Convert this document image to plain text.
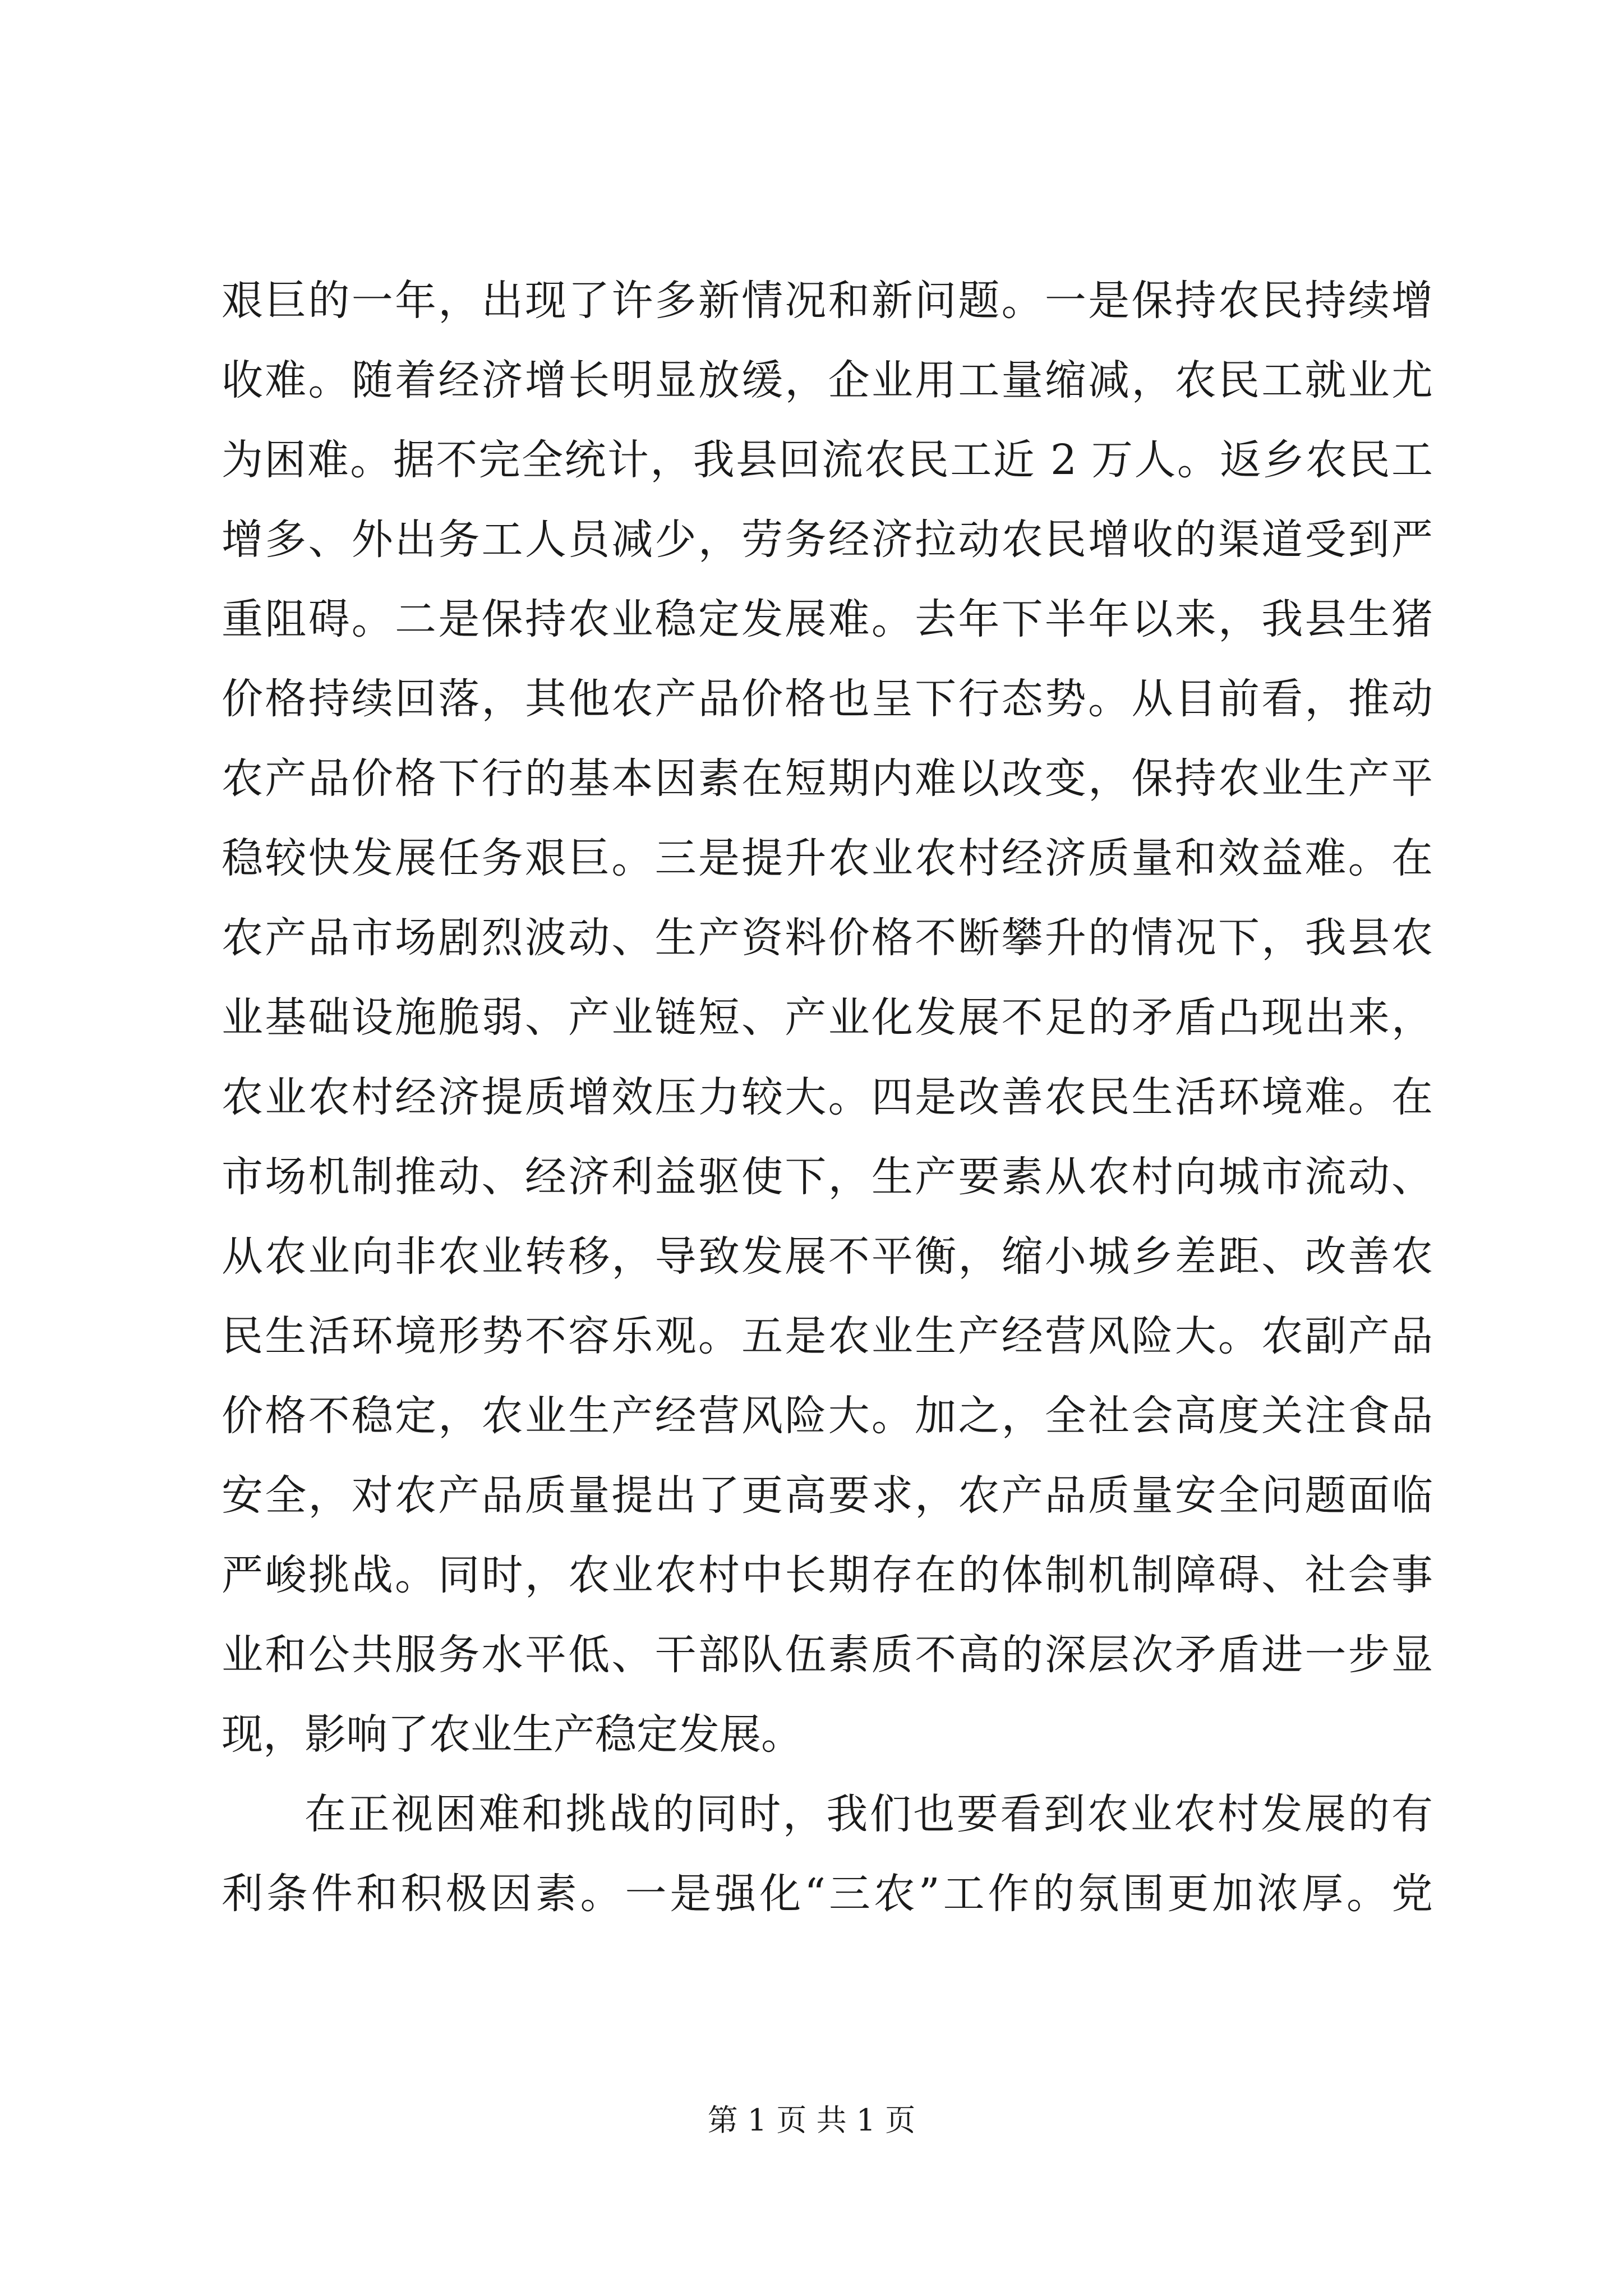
艰巨的一年，出现了许多新情况和新问题。一是保持农民持续增
收难。随着经济增长明显放缓，企业用工量缩减，农民工就业尤
为困难。据不完全统计，我县回流农民工近 2 万人。返乡农民工
增多、外出务工人员减少，劳务经济拉动农民增收的渠道受到严
重阻碍。二是保持农业稳定发展难。去年下半年以来，我县生猪
价格持续回落，其他农产品价格也呈下行态势。从目前看，推动
农产品价格下行的基本因素在短期内难以改变，保持农业生产平
稳较快发展任务艰巨。三是提升农业农村经济质量和效益难。在
农产品市场剧烈波动、生产资料价格不断攀升的情况下，我县农
业基础设施脆弱、产业链短、产业化发展不足的矛盾凸现出来，
农业农村经济提质增效压力较大。四是改善农民生活环境难。在
市场机制推动、经济利益驱使下，生产要素从农村向城市流动、
从农业向非农业转移，导致发展不平衡，缩小城乡差距、改善农
民生活环境形势不容乐观。五是农业生产经营风险大。农副产品
价格不稳定，农业生产经营风险大。加之，全社会高度关注食品
安全，对农产品质量提出了更高要求，农产品质量安全问题面临
严峻挑战。同时，农业农村中长期存在的体制机制障碍、社会事
业和公共服务水平低、干部队伍素质不高的深层次矛盾进一步显
现，影响了农业生产稳定发展。
在正视困难和挑战的同时，我们也要看到农业农村发展的有
利条件和积极因素。一是强化“三农”工作的氛围更加浓厚。党
第 1 页 共 1 页
